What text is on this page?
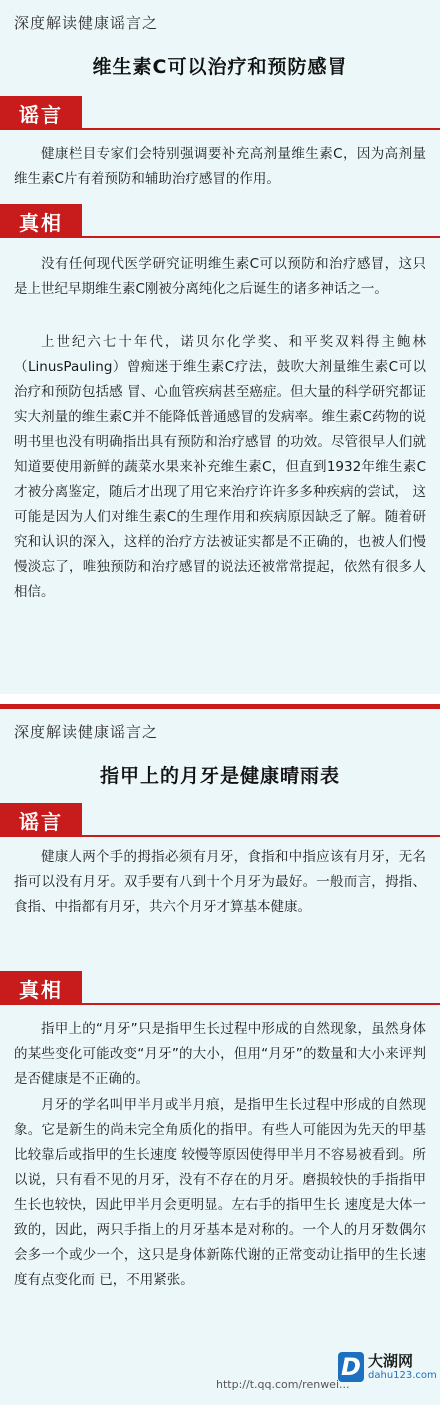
深度解读健康谣言之
维生素C可以治疗和预防感冒
谣言

健康栏目专家们会特别强调要补充高剂量维生素C，因为高剂量维生素C片有着预防和辅助治疗感冒的作用。

真相

没有任何现代医学研究证明维生素C可以预防和治疗感冒，这只是上世纪早期维生素C刚被分离纯化之后诞生的诸多神话之一。

上世纪六七十年代，诺贝尔化学奖、和平奖双料得主鲍林（LinusPauling）曾痴迷于维生素C疗法，鼓吹大剂量维生素C可以治疗和预防包括感 冒、心血管疾病甚至癌症。但大量的科学研究都证实大剂量的维生素C并不能降低普通感冒的发病率。维生素C药物的说明书里也没有明确指出具有预防和治疗感冒 的功效。尽管很早人们就知道要使用新鲜的蔬菜水果来补充维生素C，但直到1932年维生素C才被分离鉴定，随后才出现了用它来治疗许许多多种疾病的尝试， 这可能是因为人们对维生素C的生理作用和疾病原因缺乏了解。随着研究和认识的深入，这样的治疗方法被证实都是不正确的，也被人们慢慢淡忘了，唯独预防和治疗感冒的说法还被常常提起，依然有很多人相信。

深度解读健康谣言之
指甲上的月牙是健康晴雨表
谣言

健康人两个手的拇指必须有月牙，食指和中指应该有月牙，无名指可以没有月牙。双手要有八到十个月牙为最好。一般而言，拇指、食指、中指都有月牙，共六个月牙才算基本健康。

真相

指甲上的“月牙”只是指甲生长过程中形成的自然现象，虽然身体的某些变化可能改变“月牙”的大小，但用“月牙”的数量和大小来评判是否健康是不正确的。

月牙的学名叫甲半月或半月痕，是指甲生长过程中形成的自然现象。它是新生的尚未完全角质化的指甲。有些人可能因为先天的甲基比较靠后或指甲的生长速度 较慢等原因使得甲半月不容易被看到。所以说，只有看不见的月牙，没有不存在的月牙。磨损较快的手指指甲生长也较快，因此甲半月会更明显。左右手的指甲生长 速度是大体一致的，因此，两只手指上的月牙基本是对称的。一个人的月牙数偶尔会多一个或少一个，这只是身体新陈代谢的正常变动让指甲的生长速度有点变化而 已，不用紧张。

D 大湖网
dahu123.com
http://t.qq.com/renwei...
